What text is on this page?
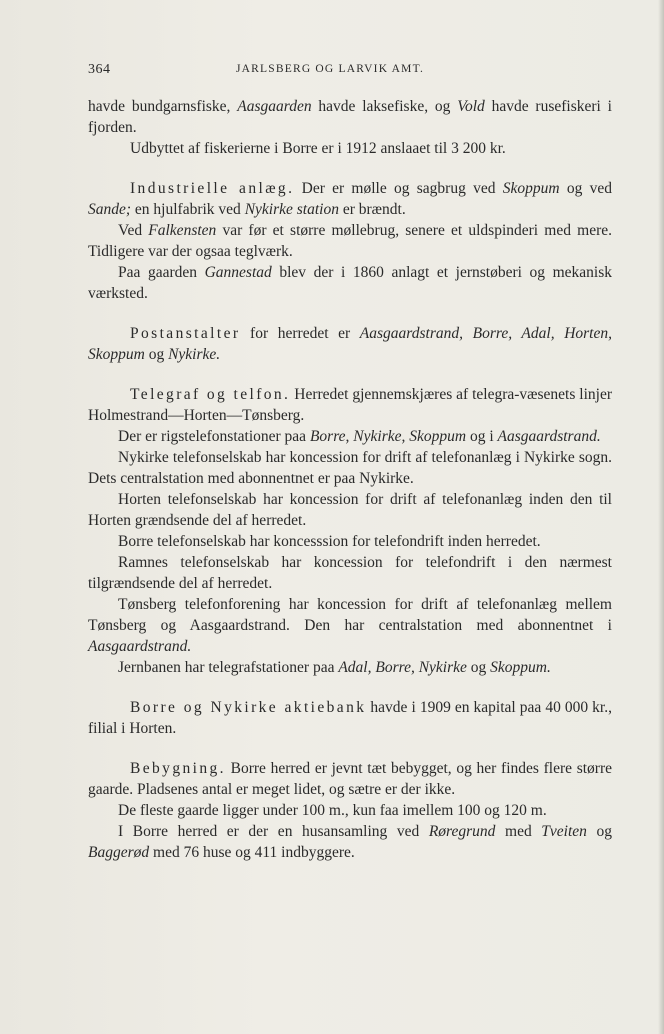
364	JARLSBERG OG LARVIK AMT.

havde bundgarnsfiske, Aasgaarden havde laksefiske, og Vold havde rusefiskeri i fjorden.

Udbyttet af fiskerierne i Borre er i 1912 anslaaet til 3 200 kr.

Industrielle anlæg. Der er mølle og sagbrug ved Skoppum og ved Sande; en hjulfabrik ved Nykirke station er brændt.

Ved Falkensten var før et større møllebrug, senere et uldspinderi med mere. Tidligere var der ogsaa teglværk.

Paa gaarden Gannestad blev der i 1860 anlagt et jernstøberi og mekanisk værksted.

Postanstalter for herredet er Aasgaardstrand, Borre, Adal, Horten, Skoppum og Nykirke.

Telegraf og telfon. Herredet gjennemskjæres af telegra-væsenets linjer Holmestrand—Horten—Tønsberg.

Der er rigstelefonstationer paa Borre, Nykirke, Skoppum og i Aasgaardstrand.

Nykirke telefonselskab har koncession for drift af telefonanlæg i Nykirke sogn. Dets centralstation med abonnentnet er paa Nykirke.

Horten telefonselskab har koncession for drift af telefonanlæg inden den til Horten grændsende del af herredet.

Borre telefonselskab har koncesssion for telefondrift inden herredet.

Ramnes telefonselskab har koncession for telefondrift i den nærmest tilgrændsende del af herredet.

Tønsberg telefonforening har koncession for drift af telefonanlæg mellem Tønsberg og Aasgaardstrand. Den har centralstation med abonnentnet i Aasgaardstrand.

Jernbanen har telegrafstationer paa Adal, Borre, Nykirke og Skoppum.

Borre og Nykirke aktiebank havde i 1909 en kapital paa 40 000 kr., filial i Horten.

Bebygning. Borre herred er jevnt tæt bebygget, og her findes flere større gaarde. Pladsenes antal er meget lidet, og sætre er der ikke.

De fleste gaarde ligger under 100 m., kun faa imellem 100 og 120 m.

I Borre herred er der en husansamling ved Røregrund med Tveiten og Baggerød med 76 huse og 411 indbyggere.
